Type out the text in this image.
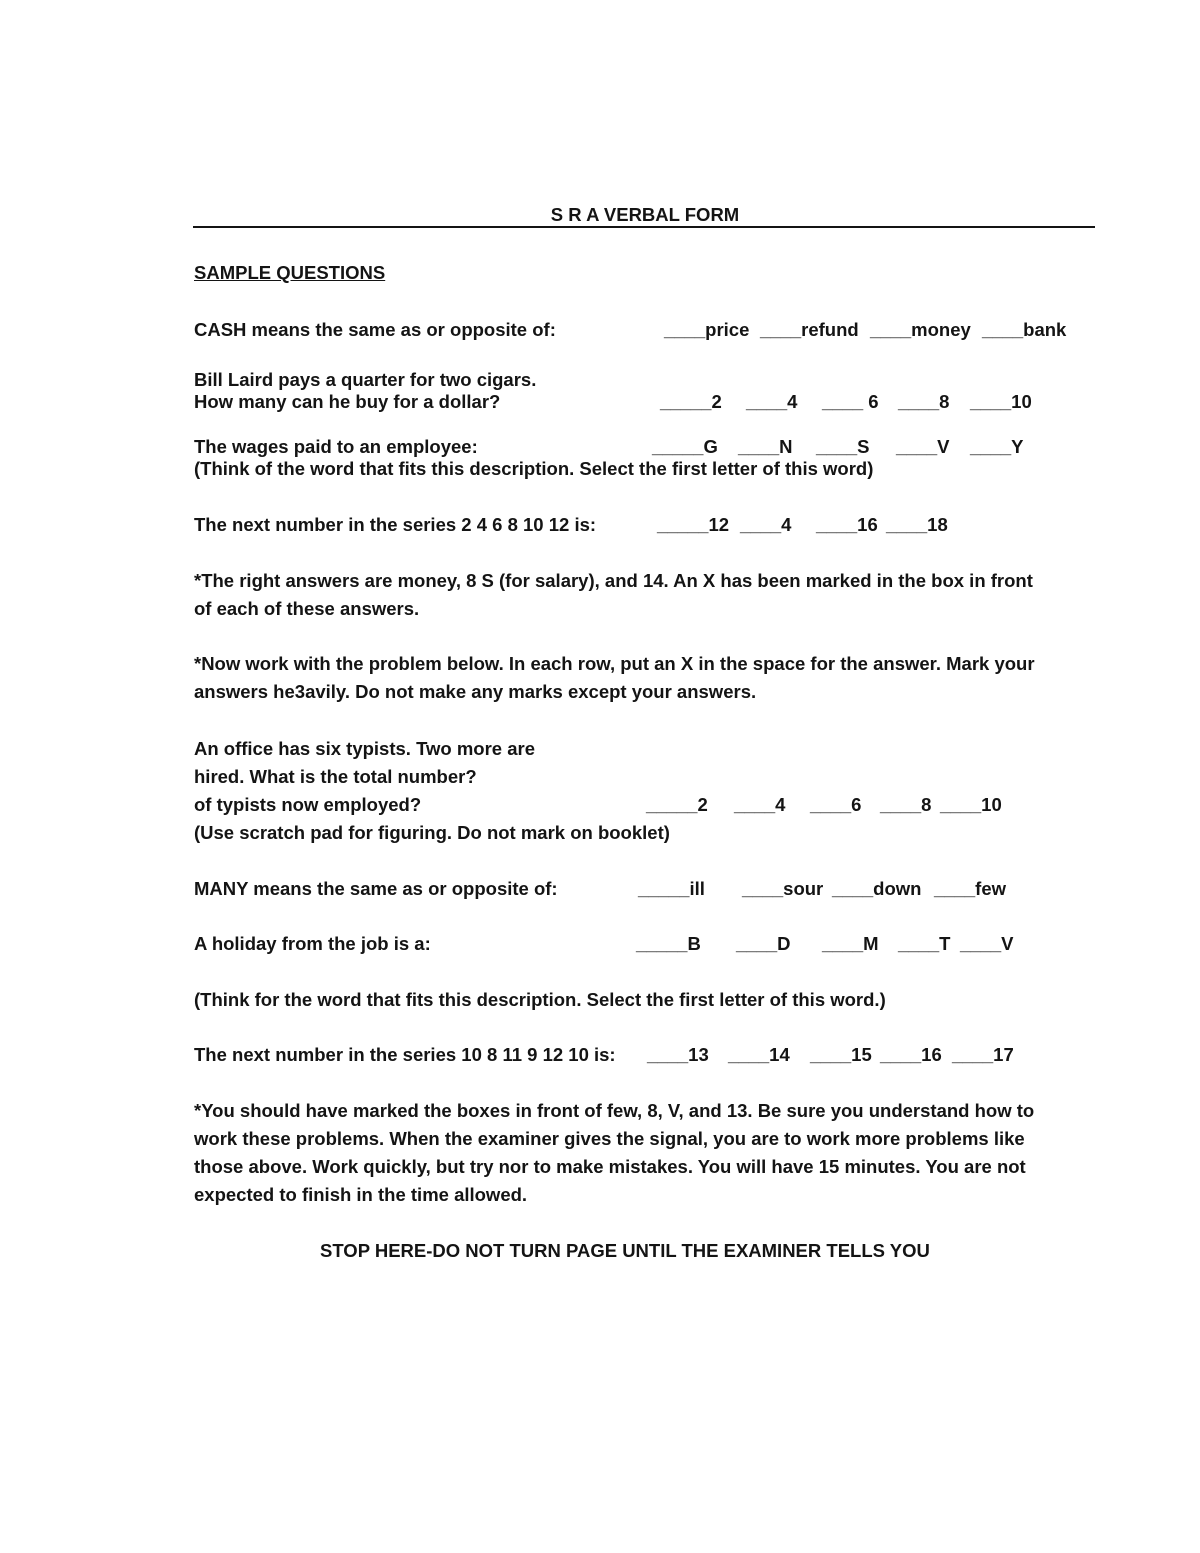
S R A VERBAL FORM
SAMPLE QUESTIONS
CASH means the same as or opposite of:	____price ____refund ____money ____bank
Bill Laird pays a quarter for two cigars.
How many can he buy for a dollar?	_____2 ____4 ____ 6 ____8 ____10
The wages paid to an employee:	_____G ____N ____S ____V ____Y
(Think of the word that fits this description. Select the first letter of this word)
The next number in the series 2 4 6 8 10 12 is:	_____12 ____4 ____16 ____18
*The right answers are money, 8 S (for salary), and 14. An X has been marked in the box in front
of each of these answers.
*Now work with the problem below. In each row, put an X in the space for the answer. Mark your
answers he3avily. Do not make any marks except your answers.
An office has six typists. Two more are
hired. What is the total number?
of typists now employed?	_____2 ____4 ____6 ____8 ____10
(Use scratch pad for figuring. Do not mark on booklet)
MANY means the same as or opposite of:	_____ill ____sour ____down ____few
A holiday from the job is a:	_____B ____D ____M ____T ____V
(Think for the word that fits this description. Select the first letter of this word.)
The next number in the series 10 8 11 9 12 10 is: ____13 ____14 ____15 ____16 ____17
*You should have marked the boxes in front of few, 8, V, and 13. Be sure you understand how to
work these problems. When the examiner gives the signal, you are to work more problems like
those above. Work quickly, but try nor to make mistakes. You will have 15 minutes. You are not
expected to finish in the time allowed.
STOP HERE-DO NOT TURN PAGE UNTIL THE EXAMINER TELLS YOU
